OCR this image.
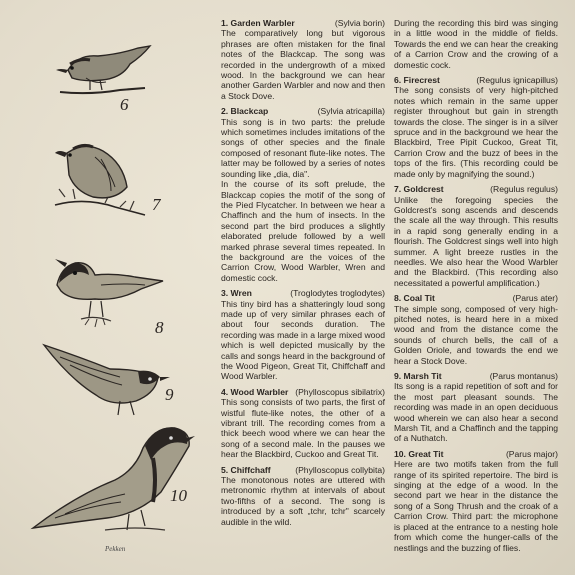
6
7
8
9
10
Pekken
1. Garden Warbler	(Sylvia borin)

The comparatively long but vigorous phrases are often mistaken for the final notes of the Blackcap. The song was recorded in the undergrowth of a mixed wood. In the background we can hear another Garden Warbler and now and then a Stock Dove.

2. Blackcap	(Sylvia atricapilla)

This song is in two parts: the prelude which sometimes includes imitations of the songs of other species and the finale composed of resonant flute-like notes. The latter may be followed by a series of notes sounding like „dia, dia".

In the course of its soft prelude, the Blackcap copies the motif of the song of the Pied Flycatcher. In between we hear a Chaffinch and the hum of insects. In the second part the bird produces a slightly elaborated prelude followed by a well marked phrase several times repeated. In the background are the voices of the Carrion Crow, Wood Warbler, Wren and domestic cock.

3. Wren	(Troglodytes troglodytes)

This tiny bird has a shatteringly loud song made up of very similar phrases each of about four seconds duration. The recording was made in a large mixed wood which is well depicted musically by the calls and songs heard in the background of the Wood Pigeon, Great Tit, Chiffchaff and Wood Warbler.

4. Wood Warbler (Phylloscopus sibilatrix)

This song consists of two parts, the first of wistful flute-like notes, the other of a vibrant trill. The recording comes from a thick beech wood where we can hear the song of a second male. In the pauses we hear the Blackbird, Cuckoo and Great Tit.

5. Chiffchaff	(Phylloscopus collybita)

The monotonous notes are uttered with metronomic rhythm at intervals of about two-fifths of a second. The song is introduced by a soft „tchr, tchr" scarcely audible in the wild.

During the recording this bird was singing in a little wood in the middle of fields. Towards the end we can hear the creaking of a Carrion Crow and the crowing of a domestic cock.

6. Firecrest	(Regulus ignicapillus)

The song consists of very high-pitched notes which remain in the same upper register throughout but gain in strength towards the close. The singer is in a silver spruce and in the background we hear the Blackbird, Tree Pipit Cuckoo, Great Tit, Carrion Crow and the buzz of bees in the tops of the firs. (This recording could be made only by magnifying the sound.)

7. Goldcrest	(Regulus regulus)

Unlike the foregoing species the Goldcrest's song ascends and descends the scale all the way through. This results in a rapid song generally ending in a flourish. The Goldcrest sings well into high summer. A light breeze rustles in the needles. We also hear the Wood Warbler and the Blackbird. (This recording also necessitated a powerful amplification.)

8. Coal Tit	(Parus ater)

The simple song, composed of very high-pitched notes, is heard here in a mixed wood and from the distance come the sounds of church bells, the call of a Golden Oriole, and towards the end we hear a Stock Dove.

9. Marsh Tit	(Parus montanus)

Its song is a rapid repetition of soft and for the most part pleasant sounds. The recording was made in an open deciduous wood wherein we can also hear a second Marsh Tit, and a Chaffinch and the tapping of a Nuthatch.

10. Great Tit	(Parus major)

Here are two motifs taken from the full range of its spirited repertoire. The bird is singing at the edge of a wood. In the second part we hear in the distance the song of a Song Thrush and the croak of a Carrion Crow. Third part: the microphone is placed at the entrance to a nesting hole from which come the hunger-calls of the nestlings and the buzzing of flies.
